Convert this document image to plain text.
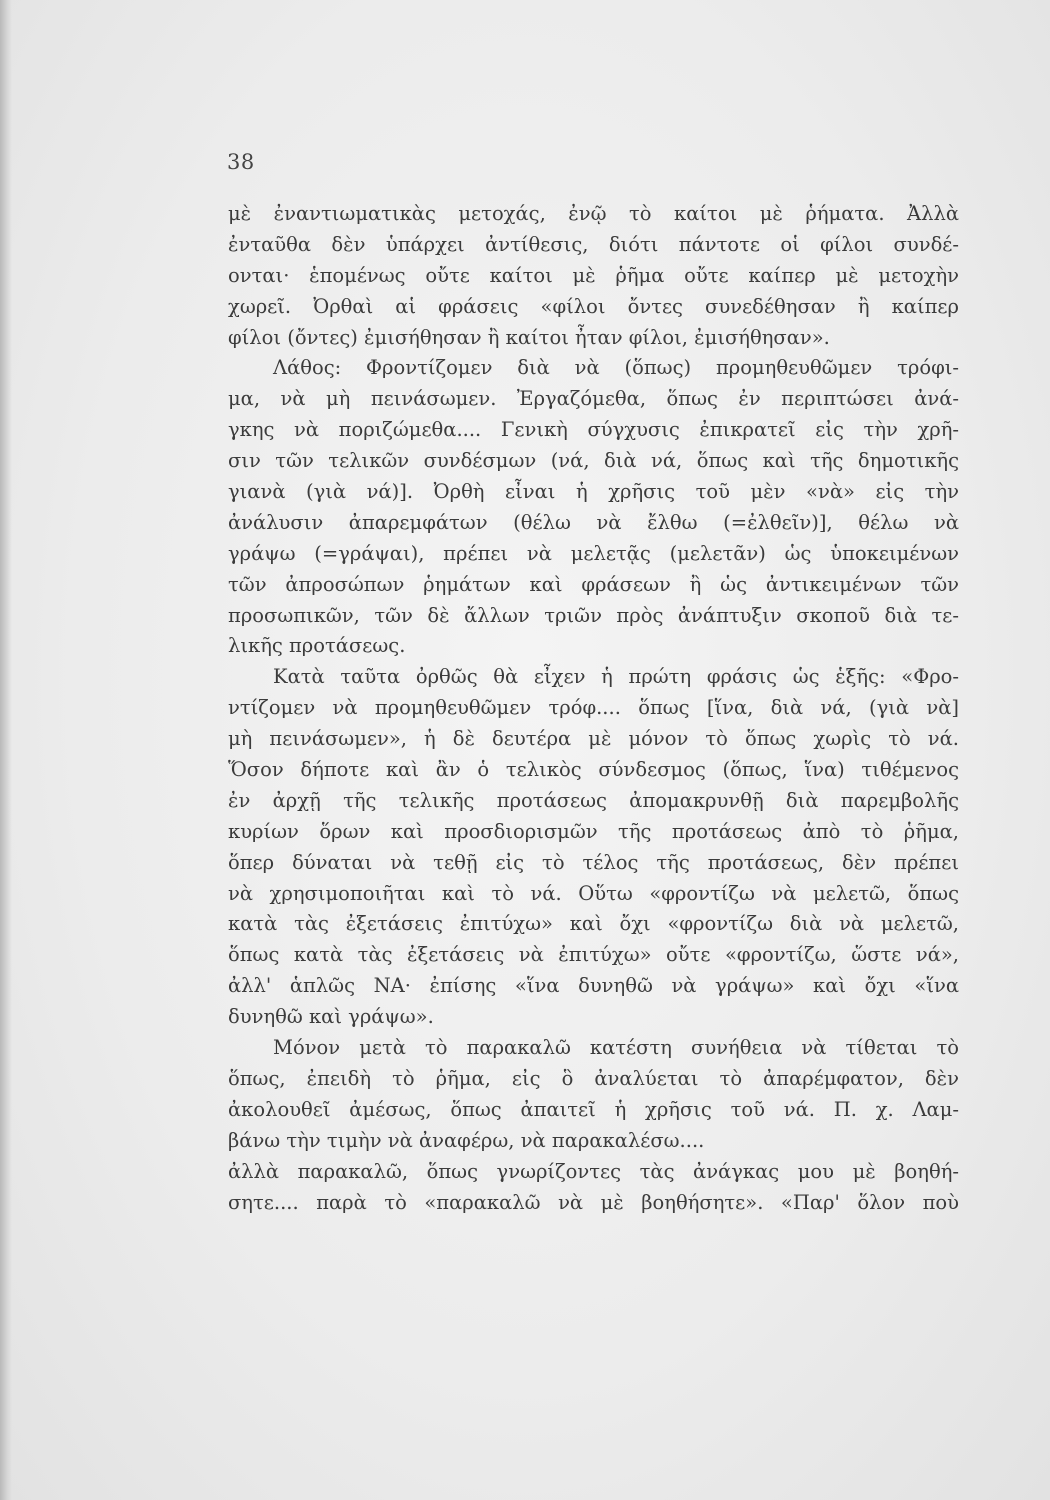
38
μὲ ἐναντιωματικὰς μετοχάς, ἐνῷ τὸ καίτοι μὲ ῥήματα. Ἀλλὰ
ἐνταῦθα δὲν ὑπάρχει ἀντίθεσις, διότι πάντοτε οἱ φίλοι συνδέ-
ονται· ἑπομένως οὔτε καίτοι μὲ ῥῆμα οὔτε καίπερ μὲ μετοχὴν
χωρεῖ. Ὀρθαὶ αἱ φράσεις «φίλοι ὄντες συνεδέθησαν ἢ καίπερ
φίλοι (ὄντες) ἐμισήθησαν ἢ καίτοι ἦταν φίλοι, ἐμισήθησαν».
Λάθος: Φροντίζομεν διὰ νὰ (ὅπως) προμηθευθῶμεν τρόφι-
μα, νὰ μὴ πεινάσωμεν. Ἐργαζόμεθα, ὅπως ἐν περιπτώσει ἀνά-
γκης νὰ ποριζώμεθα.... Γενικὴ σύγχυσις ἐπικρατεῖ εἰς τὴν χρῆ-
σιν τῶν τελικῶν συνδέσμων (νά, διὰ νά, ὅπως καὶ τῆς δημοτικῆς
γιανὰ (γιὰ νά)]. Ὀρθὴ εἶναι ἡ χρῆσις τοῦ μὲν «νὰ» εἰς τὴν
ἀνάλυσιν ἀπαρεμφάτων (θέλω νὰ ἔλθω (=ἐλθεῖν)], θέλω νὰ
γράψω (=γράψαι), πρέπει νὰ μελετᾷς (μελετᾶν) ὡς ὑποκειμένων
τῶν ἀπροσώπων ῥημάτων καὶ φράσεων ἢ ὡς ἀντικειμένων τῶν
προσωπικῶν, τῶν δὲ ἄλλων τριῶν πρὸς ἀνάπτυξιν σκοποῦ διὰ τε-
λικῆς προτάσεως.
Κατὰ ταῦτα ὀρθῶς θὰ εἶχεν ἡ πρώτη φράσις ὡς ἑξῆς: «Φρο-
ντίζομεν νὰ προμηθευθῶμεν τρόφ.... ὅπως [ἵνα, διὰ νά, (γιὰ νὰ]
μὴ πεινάσωμεν», ἡ δὲ δευτέρα μὲ μόνον τὸ ὅπως χωρὶς τὸ νά.
Ὅσον δήποτε καὶ ἂν ὁ τελικὸς σύνδεσμος (ὅπως, ἵνα) τιθέμενος
ἐν ἀρχῇ τῆς τελικῆς προτάσεως ἀπομακρυνθῇ διὰ παρεμβολῆς
κυρίων ὅρων καὶ προσδιορισμῶν τῆς προτάσεως ἀπὸ τὸ ῥῆμα,
ὅπερ δύναται νὰ τεθῇ εἰς τὸ τέλος τῆς προτάσεως, δὲν πρέπει
νὰ χρησιμοποιῆται καὶ τὸ νά. Οὕτω «φροντίζω νὰ μελετῶ, ὅπως
κατὰ τὰς ἐξετάσεις ἐπιτύχω» καὶ ὄχι «φροντίζω διὰ νὰ μελετῶ,
ὅπως κατὰ τὰς ἐξετάσεις νὰ ἐπιτύχω» οὔτε «φροντίζω, ὥστε νά»,
ἀλλ' ἁπλῶς ΝΑ· ἐπίσης «ἵνα δυνηθῶ νὰ γράψω» καὶ ὄχι «ἵνα
δυνηθῶ καὶ γράψω».
Μόνον μετὰ τὸ παρακαλῶ κατέστη συνήθεια νὰ τίθεται τὸ
ὅπως, ἐπειδὴ τὸ ῥῆμα, εἰς ὃ ἀναλύεται τὸ ἀπαρέμφατον, δὲν
ἀκολουθεῖ ἀμέσως, ὅπως ἀπαιτεῖ ἡ χρῆσις τοῦ νά. Π. χ. Λαμ-
βάνω τὴν τιμὴν νὰ ἀναφέρω, νὰ παρακαλέσω....
ἀλλὰ παρακαλῶ, ὅπως γνωρίζοντες τὰς ἀνάγκας μου μὲ βοηθή-
σητε.... παρὰ τὸ «παρακαλῶ νὰ μὲ βοηθήσητε». «Παρ' ὅλον ποὺ
